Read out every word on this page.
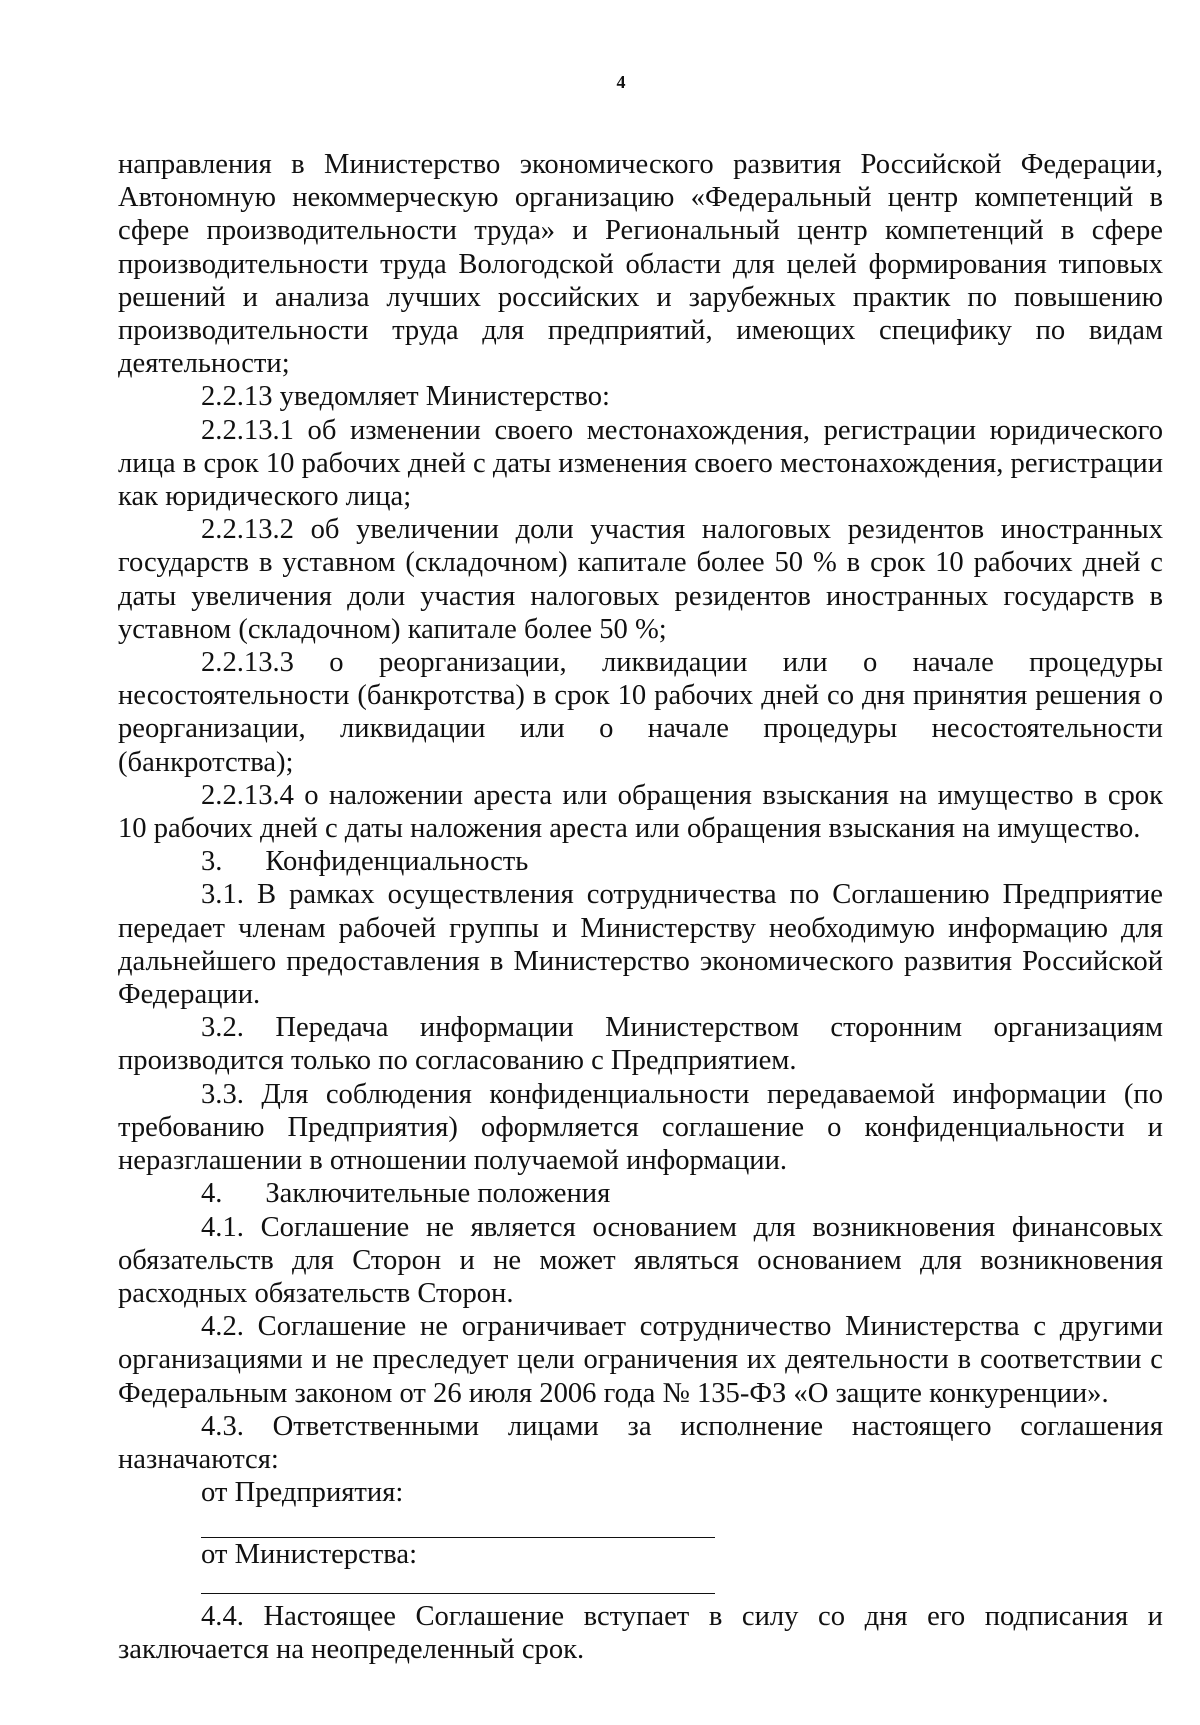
4

направления в Министерство экономического развития Российской Федерации, Автономную некоммерческую организацию «Федеральный центр компетенций в сфере производительности труда» и Региональный центр компетенций в сфере производительности труда Вологодской области для целей формирования типовых решений и анализа лучших российских и зарубежных практик по повышению производительности труда для предприятий, имеющих специфику по видам деятельности;

2.2.13 уведомляет Министерство:

2.2.13.1 об изменении своего местонахождения, регистрации юридического лица в срок 10 рабочих дней с даты изменения своего местонахождения, регистрации как юридического лица;

2.2.13.2 об увеличении доли участия налоговых резидентов иностранных государств в уставном (складочном) капитале более 50 % в срок 10 рабочих дней с даты увеличения доли участия налоговых резидентов иностранных государств в уставном (складочном) капитале более 50 %;

2.2.13.3 о реорганизации, ликвидации или о начале процедуры несостоятельности (банкротства) в срок 10 рабочих дней со дня принятия решения о реорганизации, ликвидации или о начале процедуры несостоятельности (банкротства);

2.2.13.4 о наложении ареста или обращения взыскания на имущество в срок 10 рабочих дней с даты наложения ареста или обращения взыскания на имущество.

3.      Конфиденциальность

3.1. В рамках осуществления сотрудничества по Соглашению Предприятие передает членам рабочей группы и Министерству необходимую информацию для дальнейшего предоставления в Министерство экономического развития Российской Федерации.

3.2. Передача информации Министерством сторонним организациям производится только по согласованию с Предприятием.

3.3. Для соблюдения конфиденциальности передаваемой информации (по требованию Предприятия) оформляется соглашение о конфиденциальности и неразглашении в отношении получаемой информации.

4.      Заключительные положения

4.1. Соглашение не является основанием для возникновения финансовых обязательств для Сторон и не может являться основанием для возникновения расходных обязательств Сторон.

4.2. Соглашение не ограничивает сотрудничество Министерства с другими организациями и не преследует цели ограничения их деятельности в соответствии с Федеральным законом от 26 июля 2006 года № 135-ФЗ «О защите конкуренции».

4.3. Ответственными лицами за исполнение настоящего соглашения назначаются:

от Предприятия:

от Министерства:

4.4. Настоящее Соглашение вступает в силу со дня его подписания и заключается на неопределенный срок.
